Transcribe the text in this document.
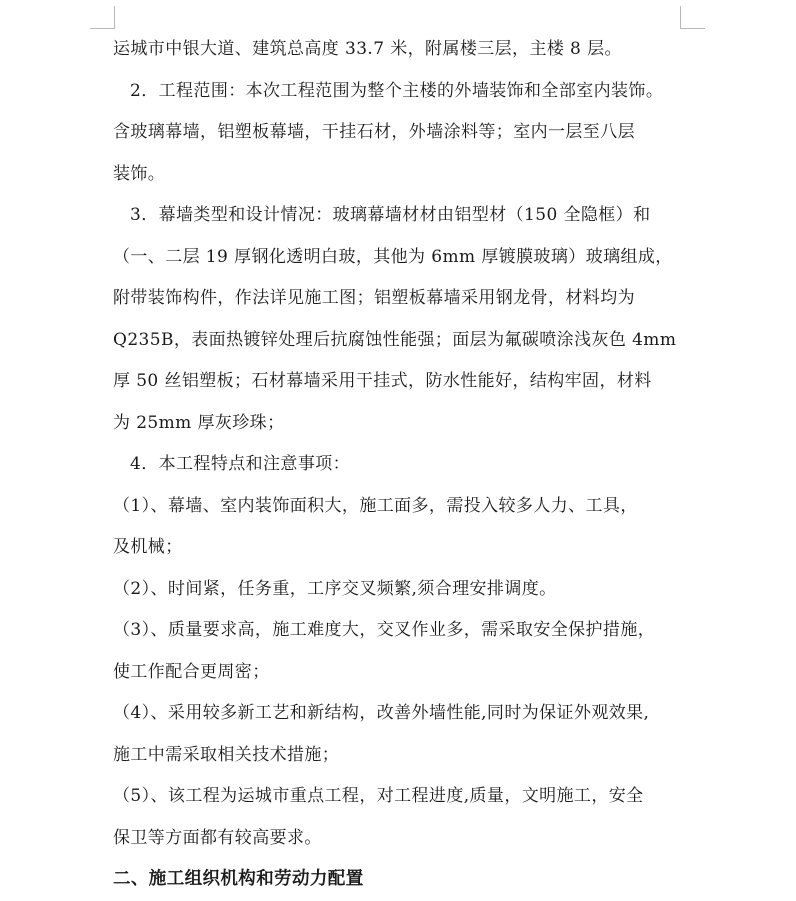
运城市中银大道、建筑总高度 33.7 米，附属楼三层，主楼 8 层。
2．工程范围：本次工程范围为整个主楼的外墙装饰和全部室内装饰。
含玻璃幕墙，铝塑板幕墙，干挂石材，外墙涂料等；室内一层至八层
装饰。
3．幕墙类型和设计情况：玻璃幕墙材材由铝型材（150 全隐框）和
（一、二层 19 厚钢化透明白玻，其他为 6mm 厚镀膜玻璃）玻璃组成，
附带装饰构件，作法详见施工图；铝塑板幕墙采用钢龙骨，材料均为
Q235B，表面热镀锌处理后抗腐蚀性能强；面层为氟碳喷涂浅灰色 4mm
厚 50 丝铝塑板；石材幕墙采用干挂式，防水性能好，结构牢固，材料
为 25mm 厚灰珍珠；
4．本工程特点和注意事项：
（1）、幕墙、室内装饰面积大，施工面多，需投入较多人力、工具，
及机械；
（2）、时间紧，任务重，工序交叉频繁,须合理安排调度。
（3）、质量要求高，施工难度大，交叉作业多，需采取安全保护措施，
使工作配合更周密；
（4）、采用较多新工艺和新结构，改善外墙性能,同时为保证外观效果,
施工中需采取相关技术措施；
（5）、该工程为运城市重点工程，对工程进度,质量，文明施工，安全
保卫等方面都有较高要求。
二、施工组织机构和劳动力配置
